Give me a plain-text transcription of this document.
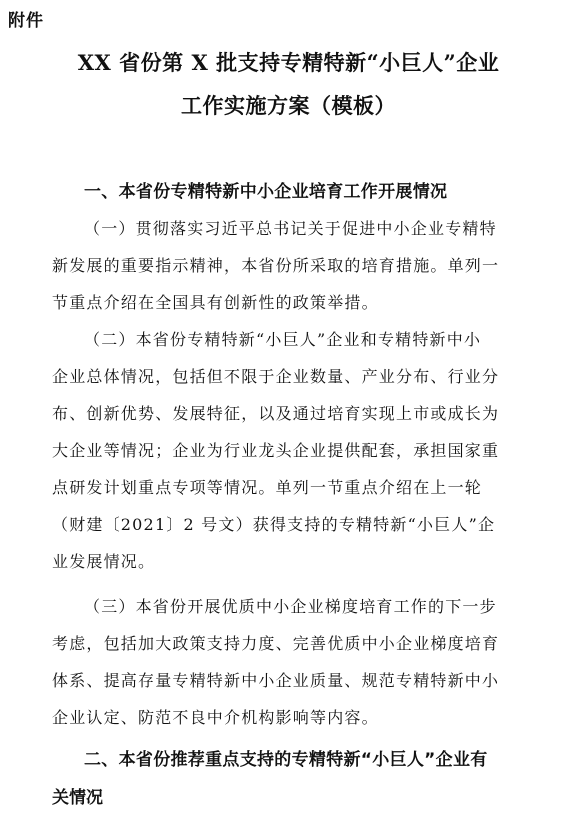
附件
XX 省份第 X 批支持专精特新“小巨人”企业
工作实施方案（模板）
一、本省份专精特新中小企业培育工作开展情况
（一）贯彻落实习近平总书记关于促进中小企业专精特
新发展的重要指示精神，本省份所采取的培育措施。单列一
节重点介绍在全国具有创新性的政策举措。
（二）本省份专精特新“小巨人”企业和专精特新中小
企业总体情况，包括但不限于企业数量、产业分布、行业分
布、创新优势、发展特征，以及通过培育实现上市或成长为
大企业等情况；企业为行业龙头企业提供配套，承担国家重
点研发计划重点专项等情况。单列一节重点介绍在上一轮
（财建〔2021〕2 号文）获得支持的专精特新“小巨人”企
业发展情况。
（三）本省份开展优质中小企业梯度培育工作的下一步
考虑，包括加大政策支持力度、完善优质中小企业梯度培育
体系、提高存量专精特新中小企业质量、规范专精特新中小
企业认定、防范不良中介机构影响等内容。
二、本省份推荐重点支持的专精特新“小巨人”企业有
关情况
